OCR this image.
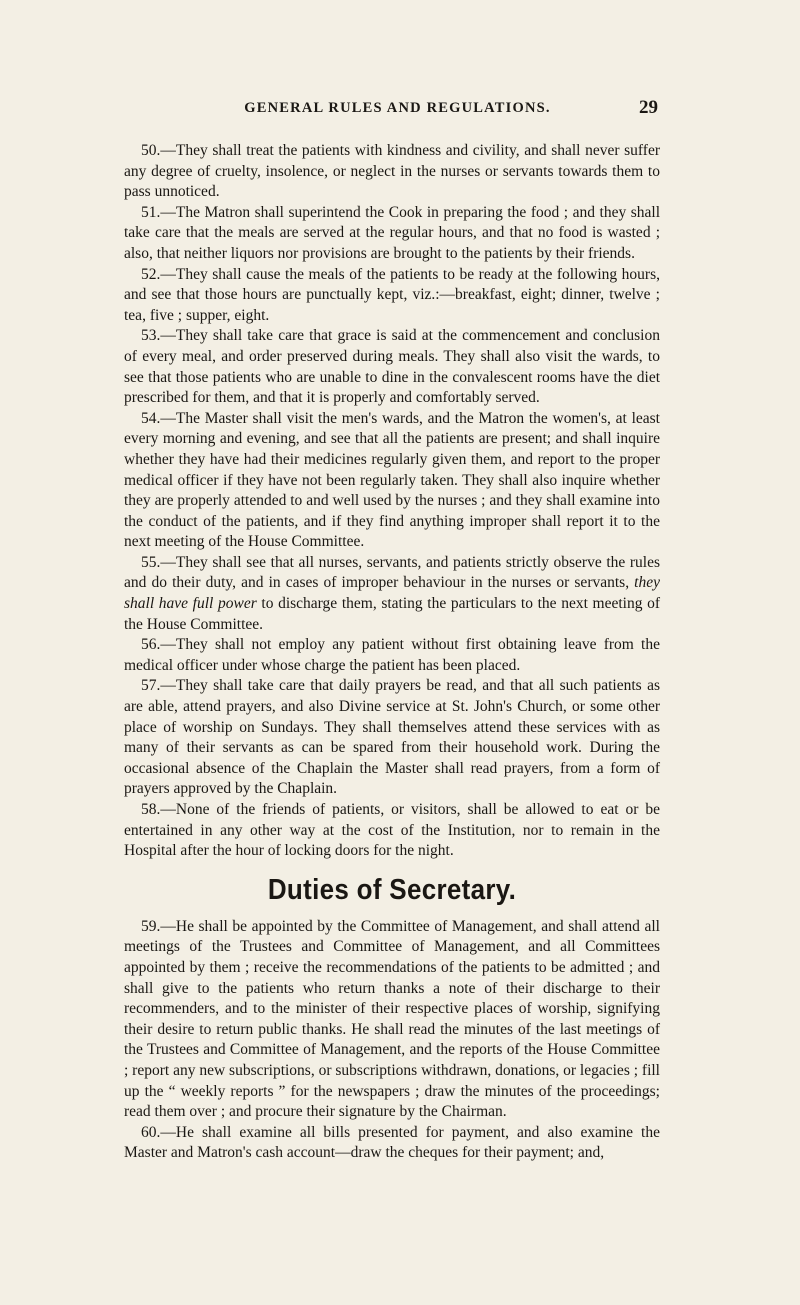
GENERAL RULES AND REGULATIONS.	29

50.—They shall treat the patients with kindness and civility, and shall never suffer any degree of cruelty, insolence, or neglect in the nurses or servants towards them to pass unnoticed.

51.—The Matron shall superintend the Cook in preparing the food ; and they shall take care that the meals are served at the regular hours, and that no food is wasted ; also, that neither liquors nor provisions are brought to the patients by their friends.

52.—They shall cause the meals of the patients to be ready at the following hours, and see that those hours are punctually kept, viz.:—breakfast, eight; dinner, twelve ; tea, five ; supper, eight.

53.—They shall take care that grace is said at the commencement and conclusion of every meal, and order preserved during meals. They shall also visit the wards, to see that those patients who are unable to dine in the convalescent rooms have the diet prescribed for them, and that it is properly and comfortably served.

54.—The Master shall visit the men's wards, and the Matron the women's, at least every morning and evening, and see that all the patients are present; and shall inquire whether they have had their medicines regularly given them, and report to the proper medical officer if they have not been regularly taken. They shall also inquire whether they are properly attended to and well used by the nurses ; and they shall examine into the conduct of the patients, and if they find anything improper shall report it to the next meeting of the House Committee.

55.—They shall see that all nurses, servants, and patients strictly observe the rules and do their duty, and in cases of improper behaviour in the nurses or servants, they shall have full power to discharge them, stating the particulars to the next meeting of the House Committee.

56.—They shall not employ any patient without first obtaining leave from the medical officer under whose charge the patient has been placed.

57.—They shall take care that daily prayers be read, and that all such patients as are able, attend prayers, and also Divine service at St. John's Church, or some other place of worship on Sundays. They shall themselves attend these services with as many of their servants as can be spared from their household work. During the occasional absence of the Chaplain the Master shall read prayers, from a form of prayers approved by the Chaplain.

58.—None of the friends of patients, or visitors, shall be allowed to eat or be entertained in any other way at the cost of the Institution, nor to remain in the Hospital after the hour of locking doors for the night.

Duties of Secretary.

59.—He shall be appointed by the Committee of Management, and shall attend all meetings of the Trustees and Committee of Management, and all Committees appointed by them ; receive the recommendations of the patients to be admitted ; and shall give to the patients who return thanks a note of their discharge to their recommenders, and to the minister of their respective places of worship, signifying their desire to return public thanks. He shall read the minutes of the last meetings of the Trustees and Committee of Management, and the reports of the House Committee ; report any new subscriptions, or subscriptions withdrawn, donations, or legacies ; fill up the “ weekly reports ” for the newspapers ; draw the minutes of the proceedings; read them over ; and procure their signature by the Chairman.

60.—He shall examine all bills presented for payment, and also examine the Master and Matron's cash account—draw the cheques for their payment; and,
